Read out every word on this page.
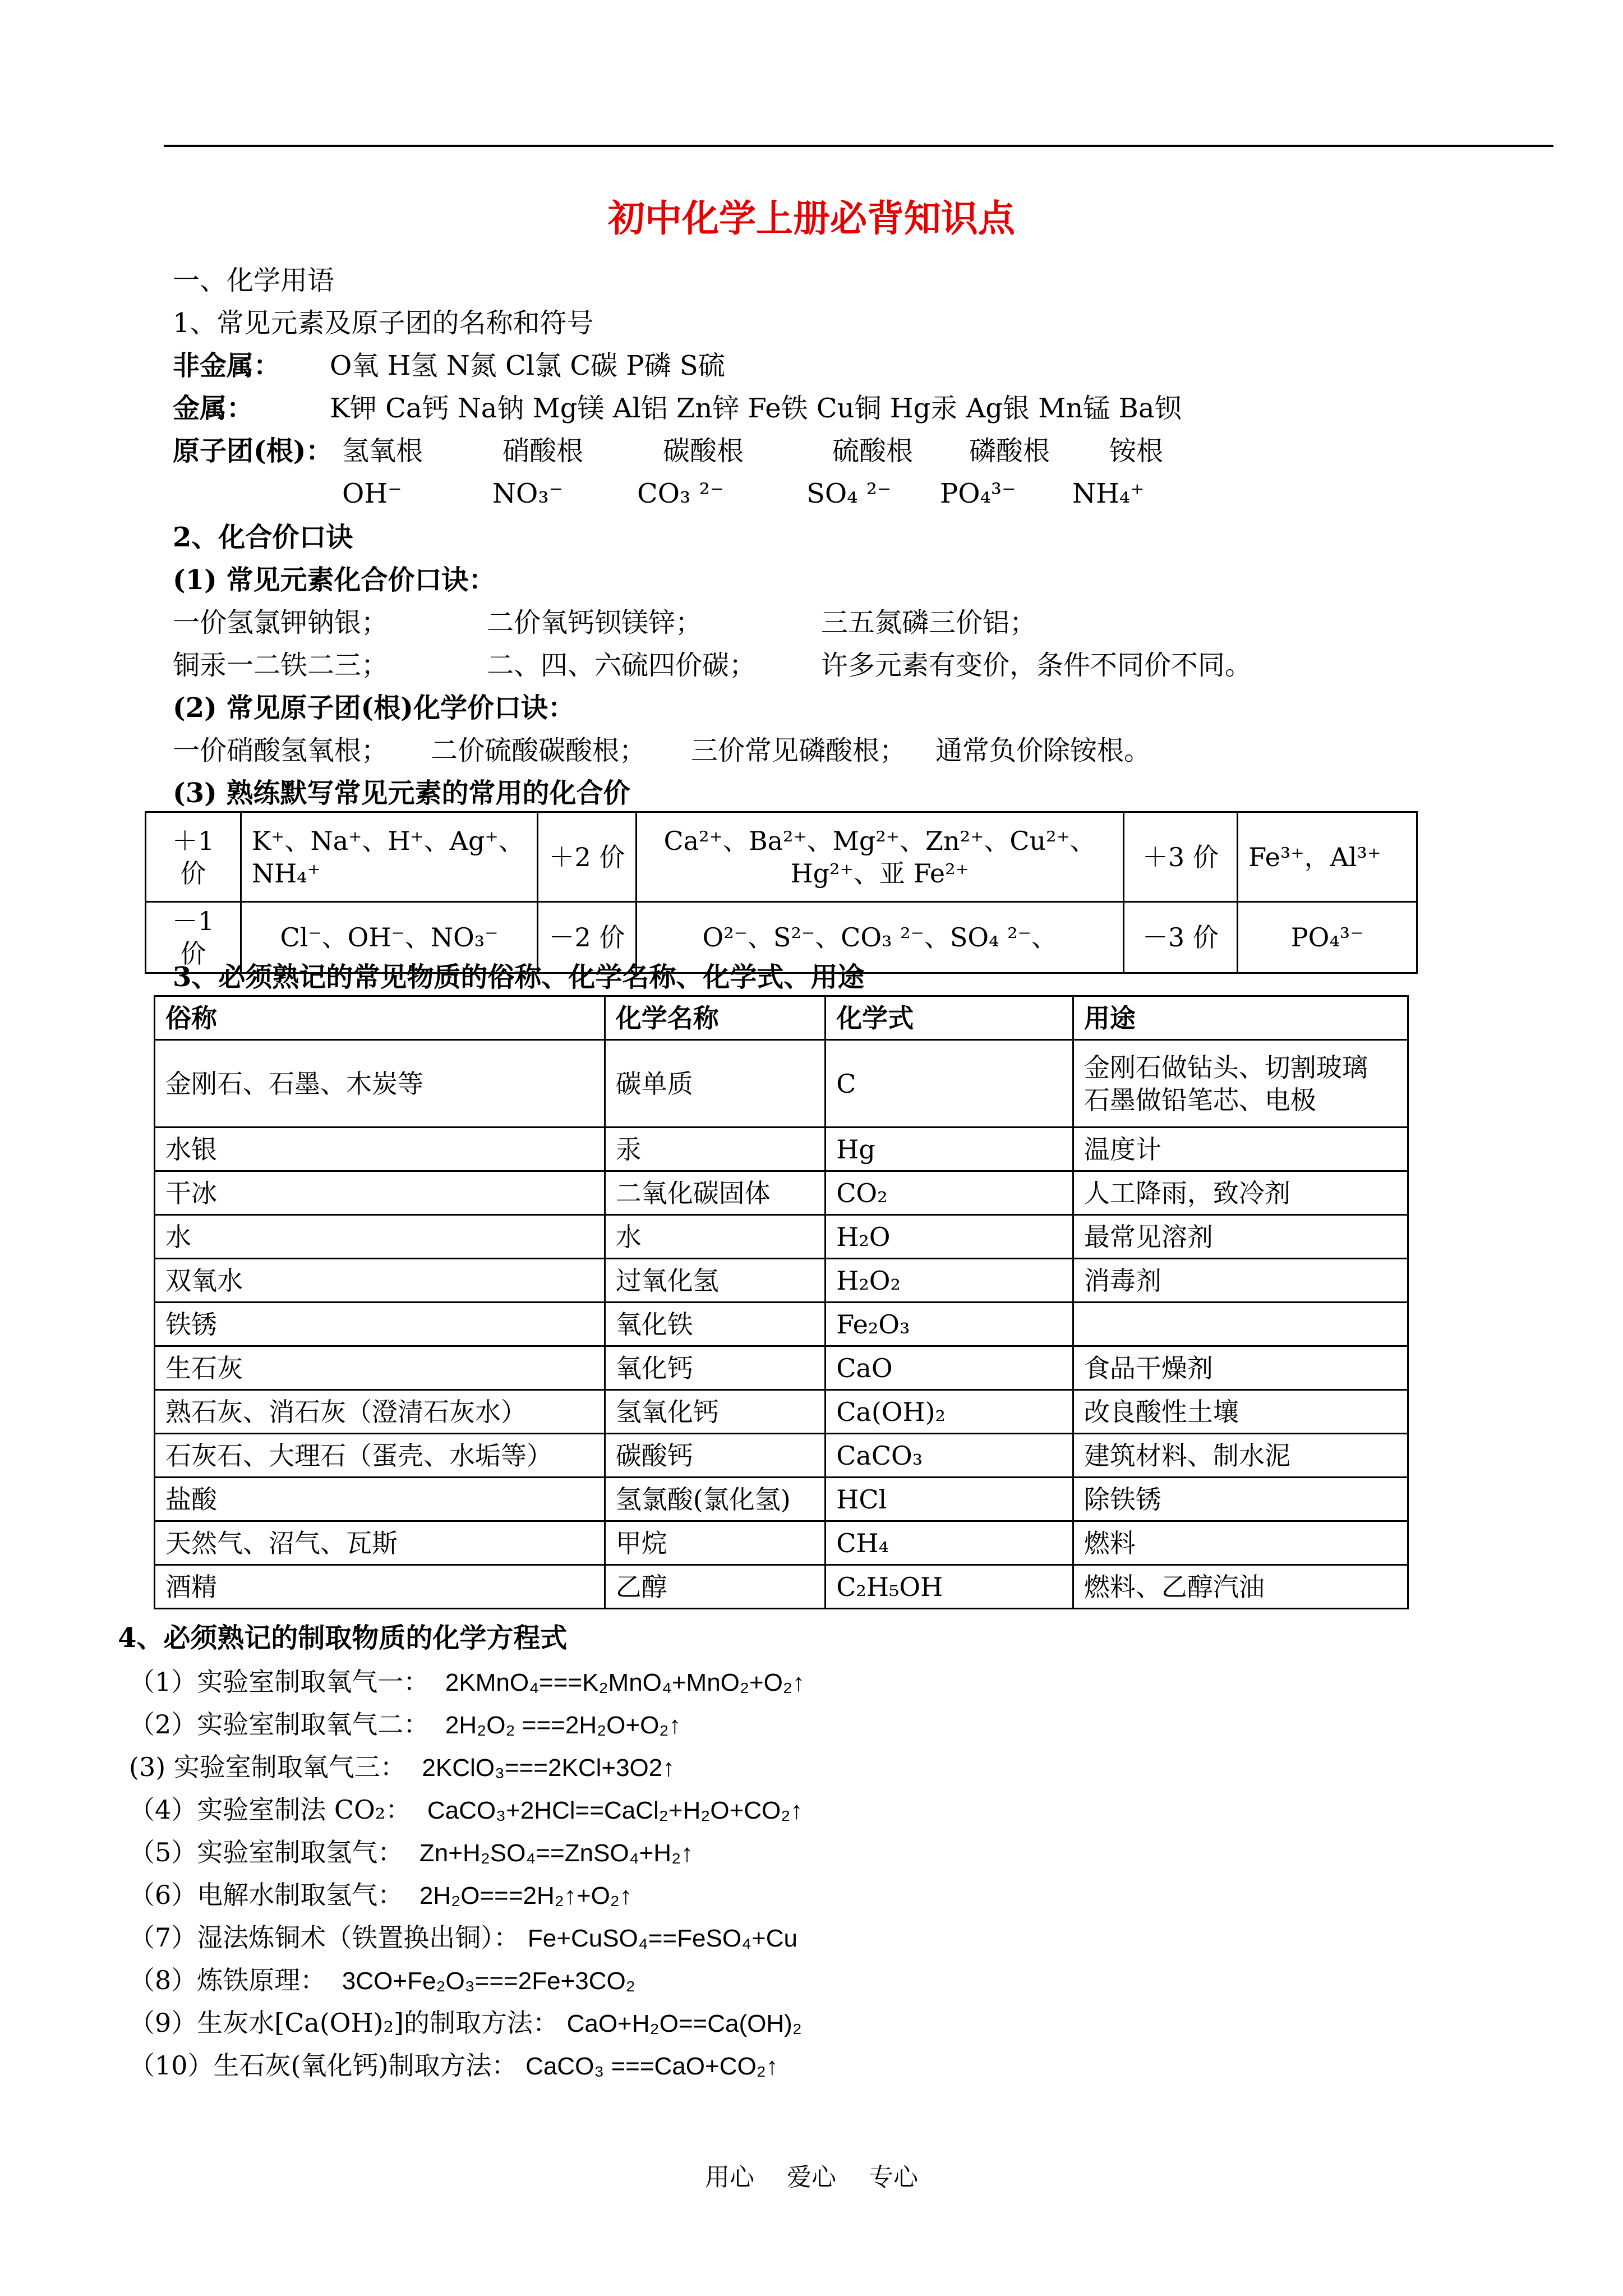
初中化学上册必背知识点
一、化学用语
1、常见元素及原子团的名称和符号
非金属： O氧 H氢 N氮 Cl氯 C碳 P磷 S硫
金属：	K钾 Ca钙 Na钠 Mg镁 Al铝 Zn锌 Fe铁 Cu铜 Hg汞 Ag银 Mn锰 Ba钡
原子团(根)： 氢氧根	硝酸根	碳酸根	硫酸根 磷酸根 铵根
OH⁻	NO₃⁻	CO₃ ²⁻	SO₄ ²⁻ PO₄³⁻ NH₄⁺
2、化合价口诀
(1) 常见元素化合价口诀：
一价氢氯钾钠银；	二价氧钙钡镁锌；	三五氮磷三价铝；
铜汞一二铁二三；	二、四、六硫四价碳； 许多元素有变价，条件不同价不同。
(2) 常见原子团(根)化学价口诀：
一价硝酸氢氧根； 二价硫酸碳酸根； 三价常见磷酸根； 通常负价除铵根。
(3) 熟练默写常见元素的常用的化合价
＋1 价	K⁺、Na⁺、H⁺、Ag⁺、NH₄⁺	＋2 价	Ca²⁺、Ba²⁺、Mg²⁺、Zn²⁺、Cu²⁺、Hg²⁺、亚 Fe²⁺	＋3 价	Fe³⁺，Al³⁺
－1 价	Cl⁻、OH⁻、NO₃⁻	－2 价	O²⁻、S²⁻、CO₃ ²⁻、SO₄ ²⁻、	－3 价	PO₄³⁻
3、必须熟记的常见物质的俗称、化学名称、化学式、用途
俗称	化学名称	化学式	用途
金刚石、石墨、木炭等	碳单质	C	金刚石做钻头、切割玻璃
石墨做铅笔芯、电极
水银	汞	Hg	温度计
干冰	二氧化碳固体	CO₂	人工降雨，致冷剂
水	水	H₂O	最常见溶剂
双氧水	过氧化氢	H₂O₂	消毒剂
铁锈	氧化铁	Fe₂O₃	
生石灰	氧化钙	CaO	食品干燥剂
熟石灰、消石灰（澄清石灰水）	氢氧化钙	Ca(OH)₂	改良酸性土壤
石灰石、大理石（蛋壳、水垢等）	碳酸钙	CaCO₃	建筑材料、制水泥
盐酸	氢氯酸(氯化氢)	HCl	除铁锈
天然气、沼气、瓦斯	甲烷	CH₄	燃料
酒精	乙醇	C₂H₅OH	燃料、乙醇汽油
4、必须熟记的制取物质的化学方程式
（1）实验室制取氧气一： 2KMnO₄===K₂MnO₄+MnO₂+O₂↑
（2）实验室制取氧气二： 2H₂O₂ ===2H₂O+O₂↑
(3) 实验室制取氧气三： 2KClO₃===2KCl+3O2↑
（4）实验室制法 CO₂： CaCO₃+2HCl==CaCl₂+H₂O+CO₂↑
（5）实验室制取氢气： Zn+H₂SO₄==ZnSO₄+H₂↑
（6）电解水制取氢气： 2H₂O===2H₂↑+O₂↑
（7）湿法炼铜术（铁置换出铜）： Fe+CuSO₄==FeSO₄+Cu
（8）炼铁原理： 3CO+Fe₂O₃===2Fe+3CO₂
（9）生灰水[Ca(OH)₂]的制取方法： CaO+H₂O==Ca(OH)₂
（10）生石灰(氧化钙)制取方法： CaCO₃ ===CaO+CO₂↑
用心 爱心 专心
